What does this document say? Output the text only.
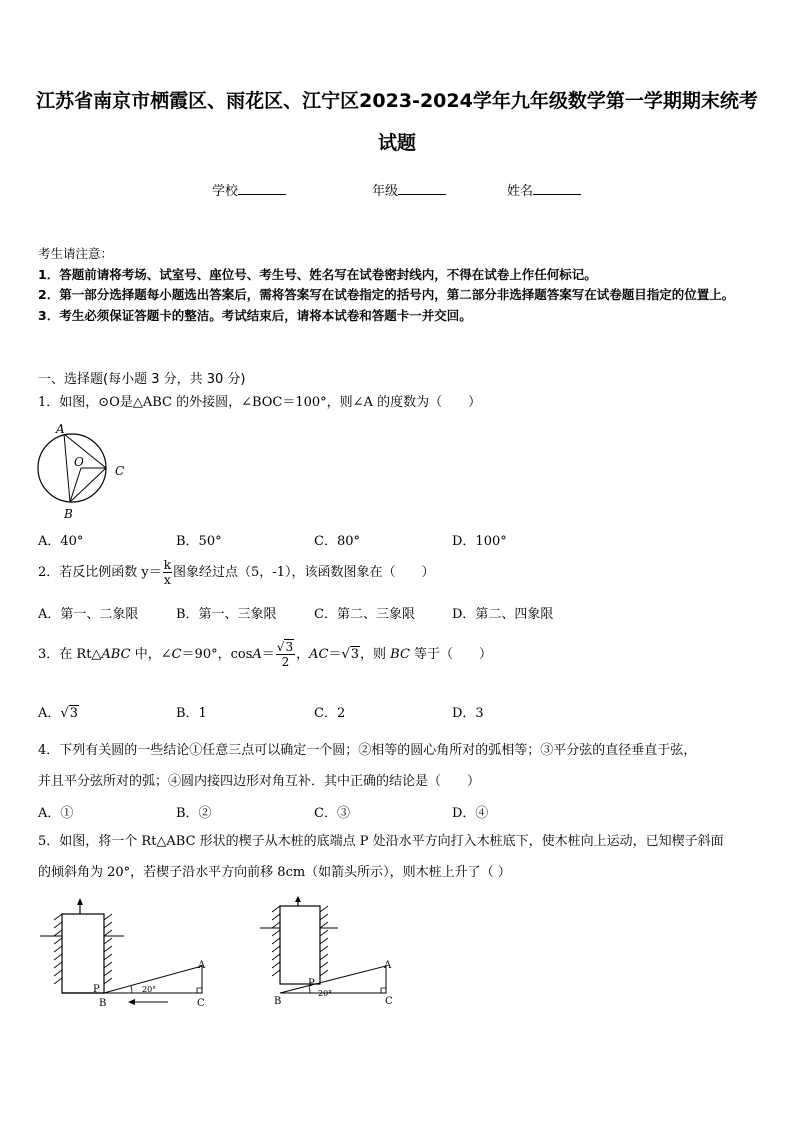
江苏省南京市栖霞区、雨花区、江宁区2023-2024学年九年级数学第一学期期末统考试题
学校	年级	姓名

考生请注意：

1．答题前请将考场、试室号、座位号、考生号、姓名写在试卷密封线内，不得在试卷上作任何标记。

2．第一部分选择题每小题选出答案后，需将答案写在试卷指定的括号内，第二部分非选择题答案写在试卷题目指定的位置上。

3．考生必须保证答题卡的整洁。考试结束后，请将本试卷和答题卡一并交回。

一、选择题(每小题 3 分，共 30 分)
1．如图，⊙O是△ABC 的外接圆，∠BOC＝100°，则∠A 的度数为（　　）
A
O
C
B
A．40°	B．50°	C．80°	D．100°
2．若反比例函数 $y= \frac{k}{x}$ 图象经过点（5，-1），该函数图象在（　　）
A．第一、二象限	B．第一、三象限	C．第二、三象限	D．第二、四象限
3．在 Rt△ABC 中，∠C＝90°，$\cos A= \frac{√3}{2}$ ，AC＝√3，则 BC 等于（　　）
A．√3	B．1	C．2	D．3
4．下列有关圆的一些结论①任意三点可以确定一个圆；②相等的圆心角所对的弧相等；③平分弦的直径垂直于弦，
并且平分弦所对的弧；④圆内接四边形对角互补．其中正确的结论是（　　）
A．①	B．②	C．③	D．④
5．如图，将一个 Rt△ABC 形状的楔子从木桩的底端点 P 处沿水平方向打入木桩底下，使木桩向上运动，已知楔子斜面
的倾斜角为 20°，若楔子沿水平方向前移 8cm（如箭头所示），则木桩上升了（ ）
P
B
A
C
20°
P
B
A
C
20°
